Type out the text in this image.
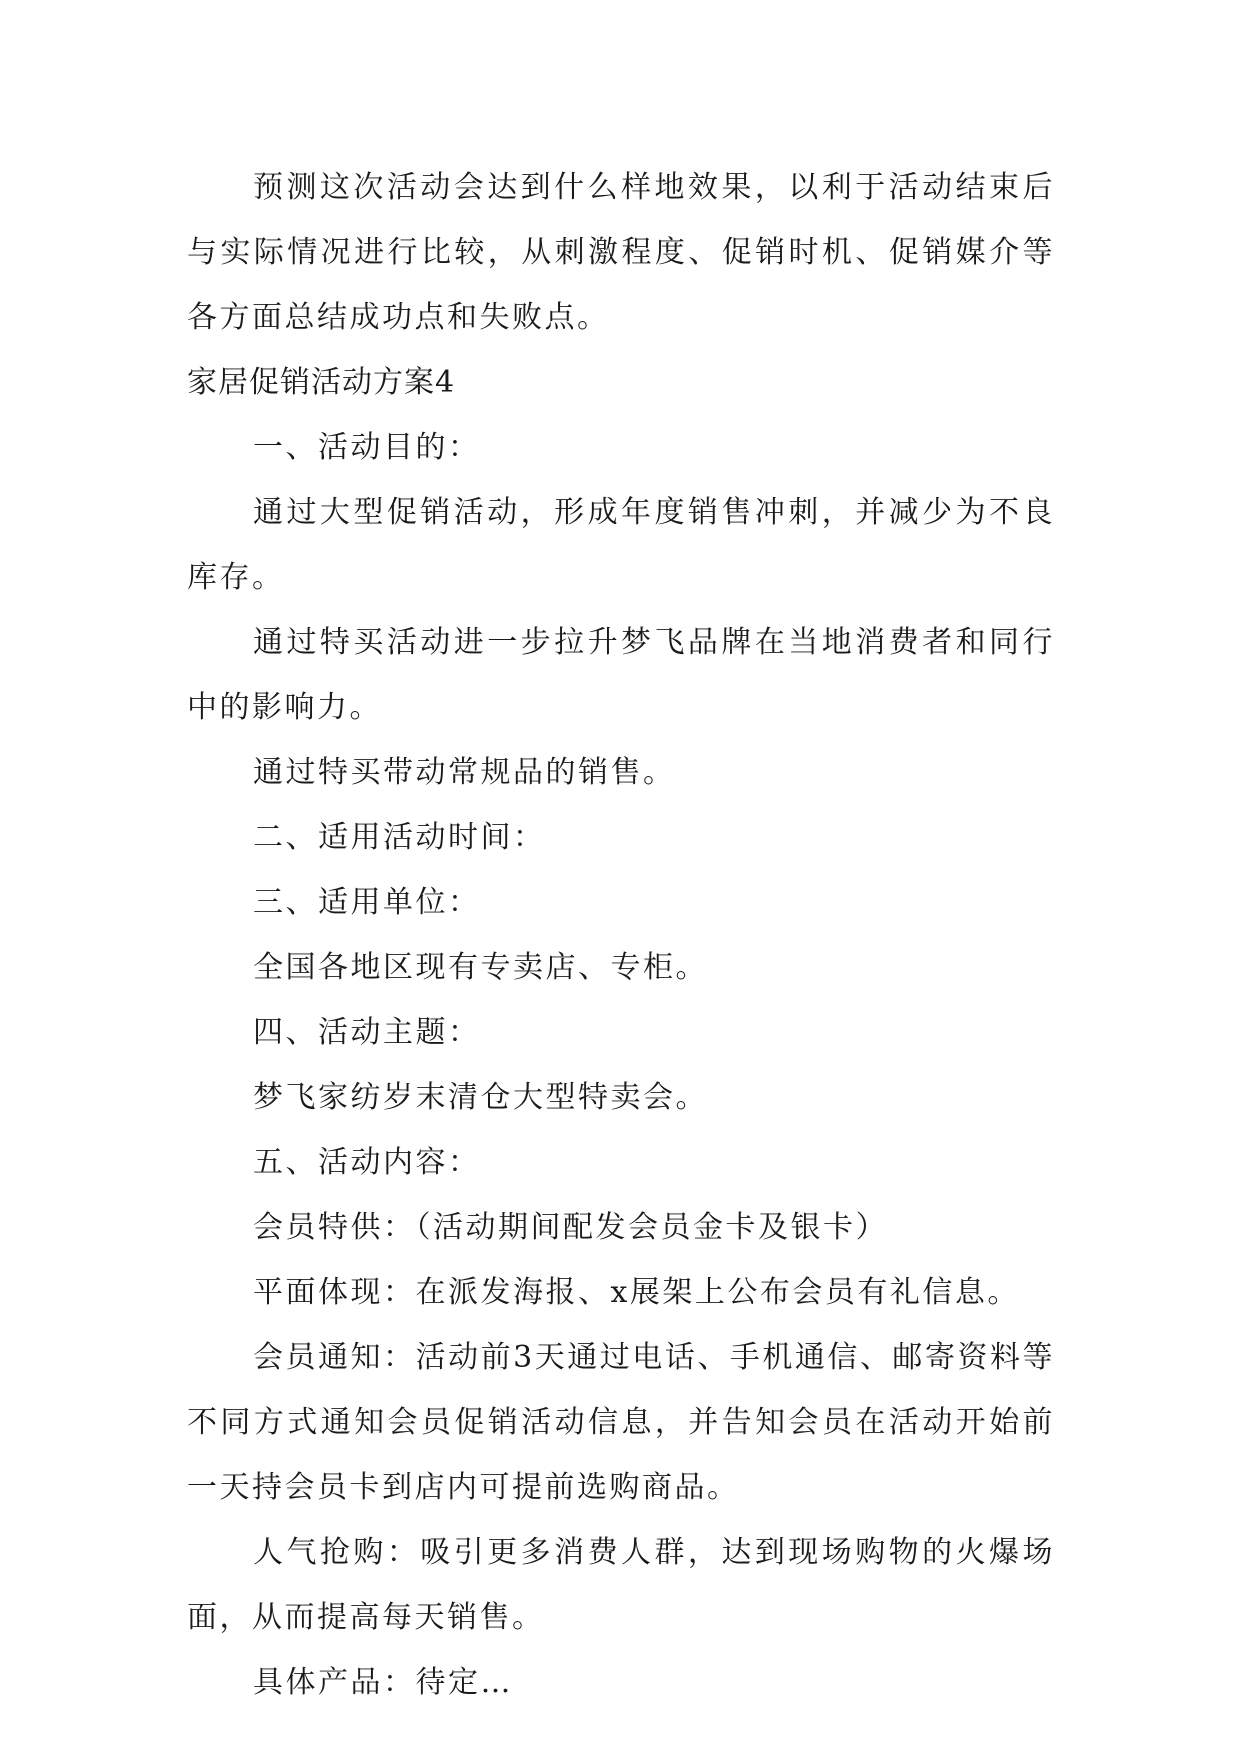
预测这次活动会达到什么样地效果，以利于活动结束后与实际情况进行比较，从刺激程度、促销时机、促销媒介等各方面总结成功点和失败点。

家居促销活动方案4

一、活动目的：

通过大型促销活动，形成年度销售冲刺，并减少为不良库存。

通过特买活动进一步拉升梦飞品牌在当地消费者和同行中的影响力。

通过特买带动常规品的销售。

二、适用活动时间：

三、适用单位：

全国各地区现有专卖店、专柜。

四、活动主题：

梦飞家纺岁末清仓大型特卖会。

五、活动内容：

会员特供：（活动期间配发会员金卡及银卡）

平面体现：在派发海报、x展架上公布会员有礼信息。

会员通知：活动前3天通过电话、手机通信、邮寄资料等不同方式通知会员促销活动信息，并告知会员在活动开始前一天持会员卡到店内可提前选购商品。

人气抢购：吸引更多消费人群，达到现场购物的火爆场面，从而提高每天销售。

具体产品：待定…
